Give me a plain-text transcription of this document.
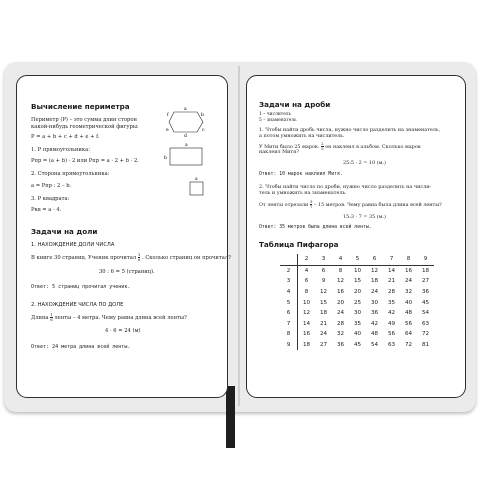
Вычисление периметра
Периметр (P) – это сумма длин сторон
какой-нибудь геометрической фигуры:
P = a + b + c + d + e + f.
1. P прямоугольника:
Pпр = (a + b) · 2 или Pпр = a · 2 + b · 2.
2. Сторона прямоугольника:
a = Pпр : 2 – b.
3. P квадрата:
Pкв = a · 4.
a
b
c
d
e
f
a
b
a
Задачи на доли
1. НАХОЖДЕНИЕ ДОЛИ ЧИСЛА
В книге 30 страниц. Ученик прочитал $\frac{1}{6}$ . Сколько страниц он прочитал?
30 : 6 = 5 (страниц).
Ответ: 5 страниц прочитал ученик.
2. НАХОЖДЕНИЕ ЧИСЛА ПО ДОЛЕ
Длина $\frac{1}{6}$ ленты – 4 метра. Чему равна длина всей ленты?
4 · 6 = 24 (м)
Ответ: 24 метра длина всей ленты.
Задачи на дроби
1 – числитель
5 – знаменатель
1. Чтобы найти дробь числа, нужно число разделить на знаменатель,
а потом умножить на числитель.
У Мити было 25 марок. $\frac{2}{5}$ он наклеил в альбом. Сколько марок
наклеил Митя?
25:5 · 2 = 10 (м.)
Ответ: 10 марок наклеил Митя.
2. Чтобы найти число по дроби, нужно число разделить на числи-
тель и умножить на знаменатель.
От ленты отрезали $\frac{3}{7} - 15$ метров. Чему равна была длина всей ленты?
15:3 · 7 = 35 (м.)
Ответ: 35 метров была длина всей ленты.
Таблица Пифагора
	2	3	4	5	6	7	8	9
2	4	6	8	10	12	14	16	18
3	6	9	12	15	18	21	24	27
4	8	12	16	20	24	28	32	36
5	10	15	20	25	30	35	40	45
6	12	18	24	30	36	42	48	54
7	14	21	28	35	42	49	56	63
8	16	24	32	40	48	56	64	72
9	18	27	36	45	54	63	72	81
